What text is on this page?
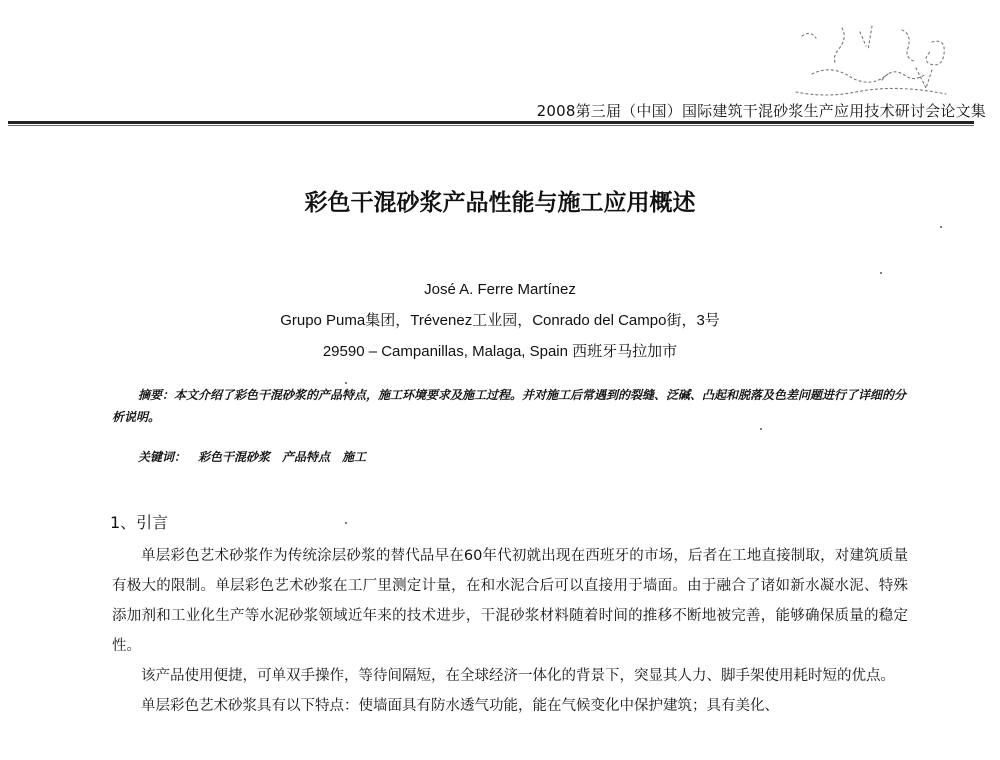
2008第三届（中国）国际建筑干混砂浆生产应用技术研讨会论文集
彩色干混砂浆产品性能与施工应用概述
José A. Ferre Martínez
Grupo Puma集团，Trévenez工业园，Conrado del Campo街，3号
29590 – Campanillas, Malaga, Spain 西班牙马拉加市
摘要：本文介绍了彩色干混砂浆的产品特点，施工环境要求及施工过程。并对施工后常遇到的裂缝、泛碱、凸起和脱落及色差问题进行了详细的分析说明。
关键词： 彩色干混砂浆 产品特点 施工
1、引言

单层彩色艺术砂浆作为传统涂层砂浆的替代品早在60年代初就出现在西班牙的市场，后者在工地直接制取，对建筑质量有极大的限制。单层彩色艺术砂浆在工厂里测定计量，在和水泥合后可以直接用于墙面。由于融合了诸如新水凝水泥、特殊添加剂和工业化生产等水泥砂浆领域近年来的技术进步，干混砂浆材料随着时间的推移不断地被完善，能够确保质量的稳定性。

该产品使用便捷，可单双手操作，等待间隔短，在全球经济一体化的背景下，突显其人力、脚手架使用耗时短的优点。

单层彩色艺术砂浆具有以下特点：使墙面具有防水透气功能，能在气候变化中保护建筑；具有美化、
